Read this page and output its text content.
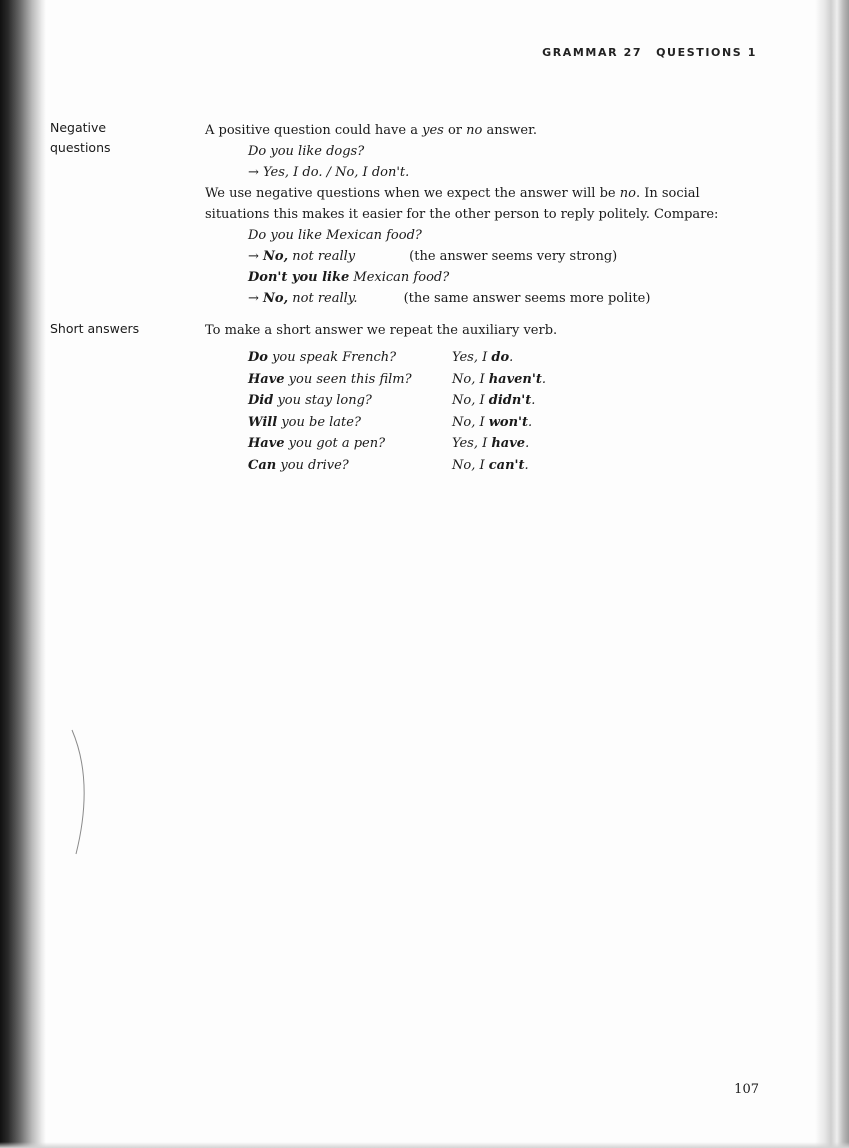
GRAMMAR 27 QUESTIONS 1
Negative
questions
A positive question could have a yes or no answer.
Do you like dogs?
→ Yes, I do. / No, I don't.
We use negative questions when we expect the answer will be no. In social
situations this makes it easier for the other person to reply politely. Compare:
Do you like Mexican food?
→ No, not really	(the answer seems very strong)
Don't you like Mexican food?
→ No, not really.	(the same answer seems more polite)
Short answers	To make a short answer we repeat the auxiliary verb.
Do you speak French?	Yes, I do.
Have you seen this film?	No, I haven't.
Did you stay long?	No, I didn't.
Will you be late?	No, I won't.
Have you got a pen?	Yes, I have.
Can you drive?	No, I can't.
107
